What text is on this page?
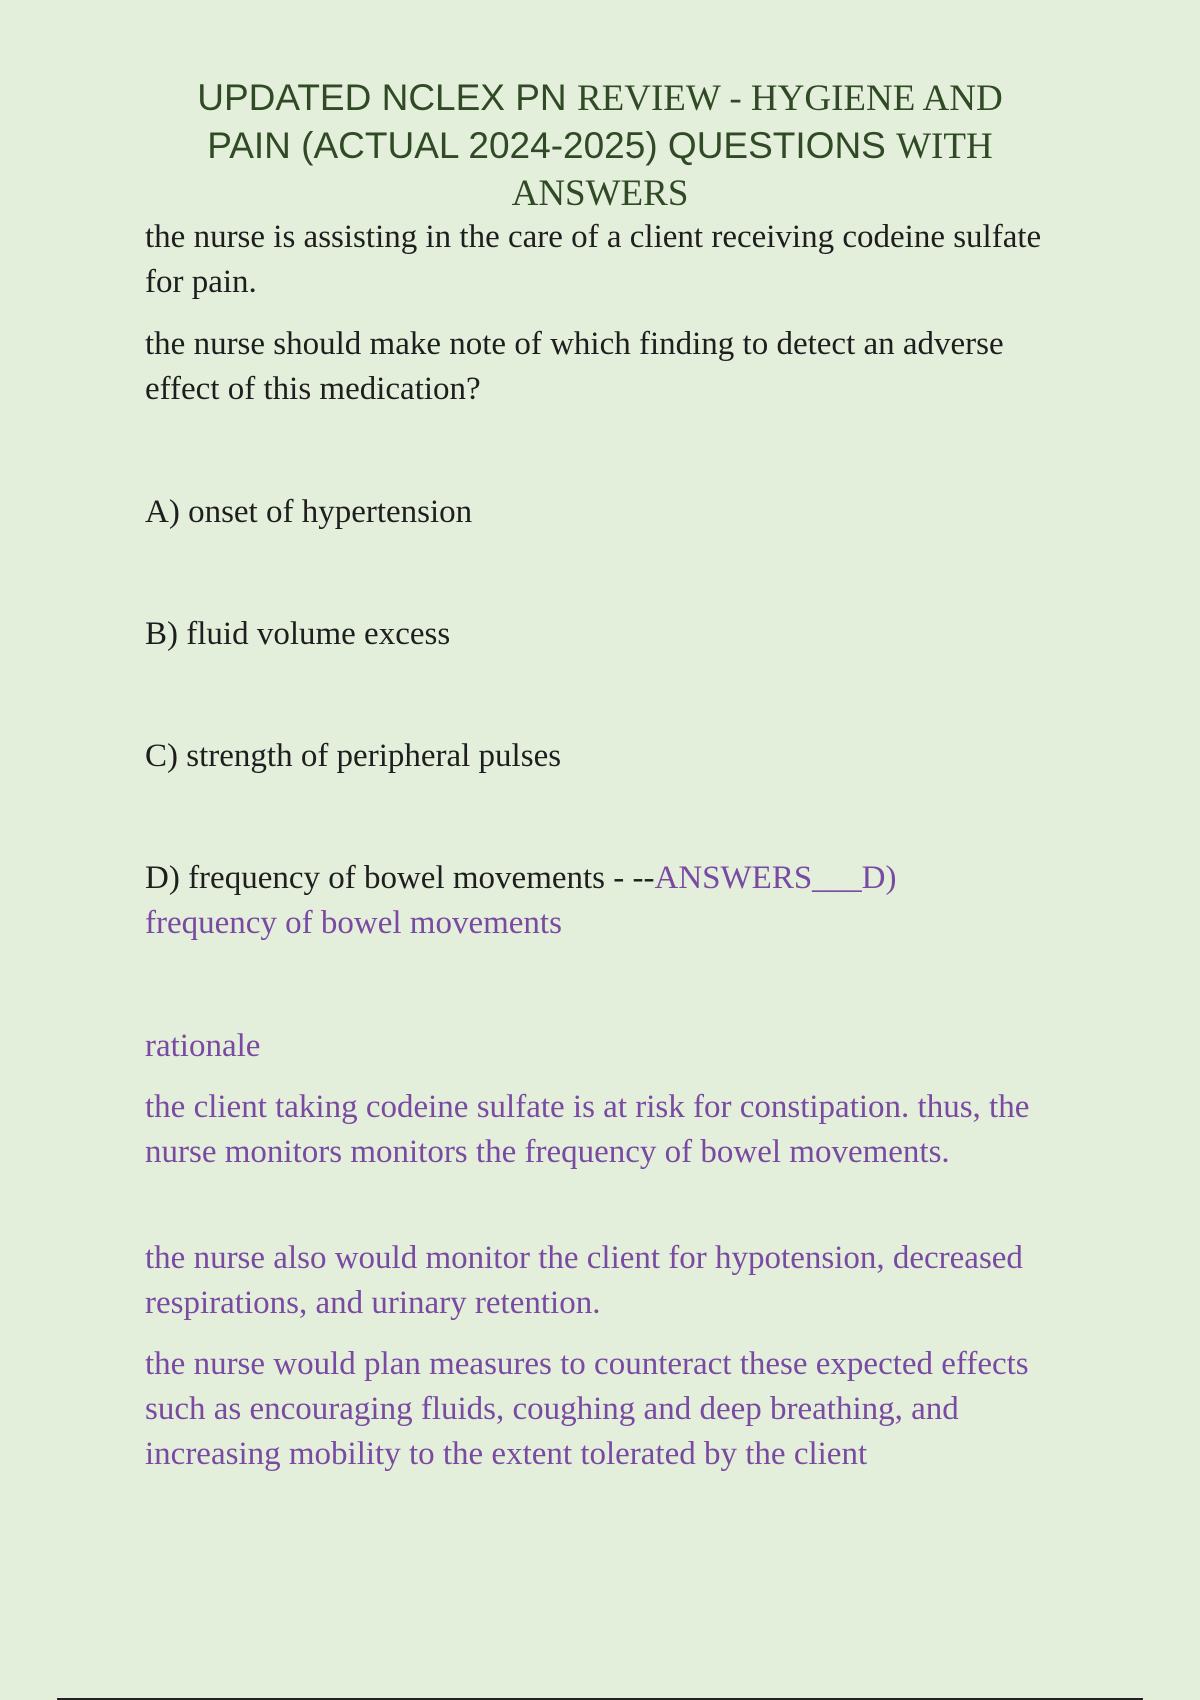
UPDATED NCLEX PN REVIEW - HYGIENE AND
PAIN (ACTUAL 2024-2025) QUESTIONS WITH
ANSWERS

the nurse is assisting in the care of a client receiving codeine sulfate for pain.

the nurse should make note of which finding to detect an adverse effect of this medication?

A) onset of hypertension

B) fluid volume excess

C) strength of peripheral pulses

D) frequency of bowel movements - --ANSWERS___D)
frequency of bowel movements

rationale

the client taking codeine sulfate is at risk for constipation. thus, the nurse monitors monitors the frequency of bowel movements.

the nurse also would monitor the client for hypotension, decreased respirations, and urinary retention.

the nurse would plan measures to counteract these expected effects such as encouraging fluids, coughing and deep breathing, and increasing mobility to the extent tolerated by the client
